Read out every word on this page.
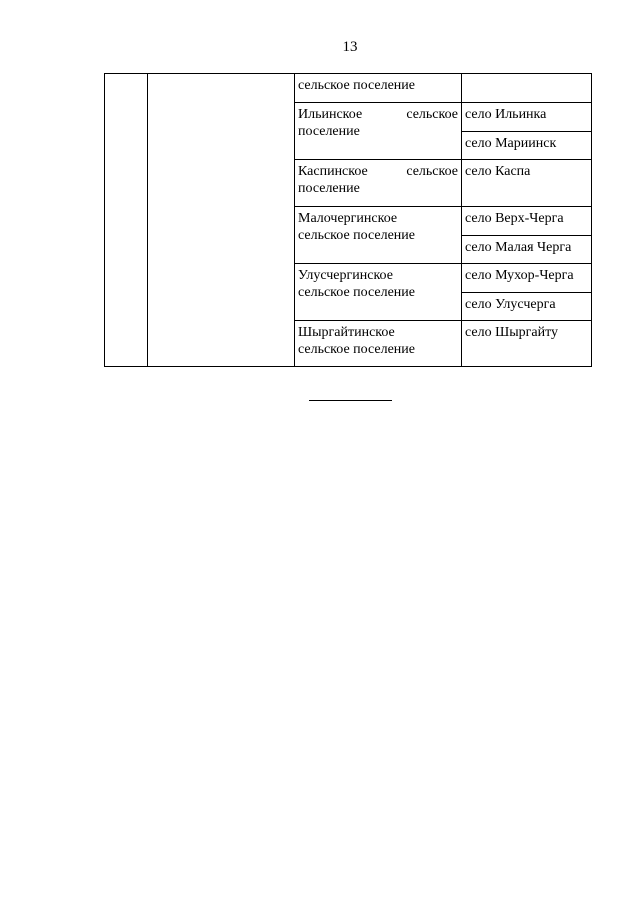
13
		сельское поселение	

		Ильинское сельское
поселение	село Ильинка
			село Мариинск

		Каспинское сельское
поселение	село Каспа

		Малочергинское
сельское поселение	село Верх-Черга
			село Малая Черга

		Улусчергинское
сельское поселение	село Мухор-Черга
			село Улусчерга

		Шыргайтинское
сельское поселение	село Шыргайту
